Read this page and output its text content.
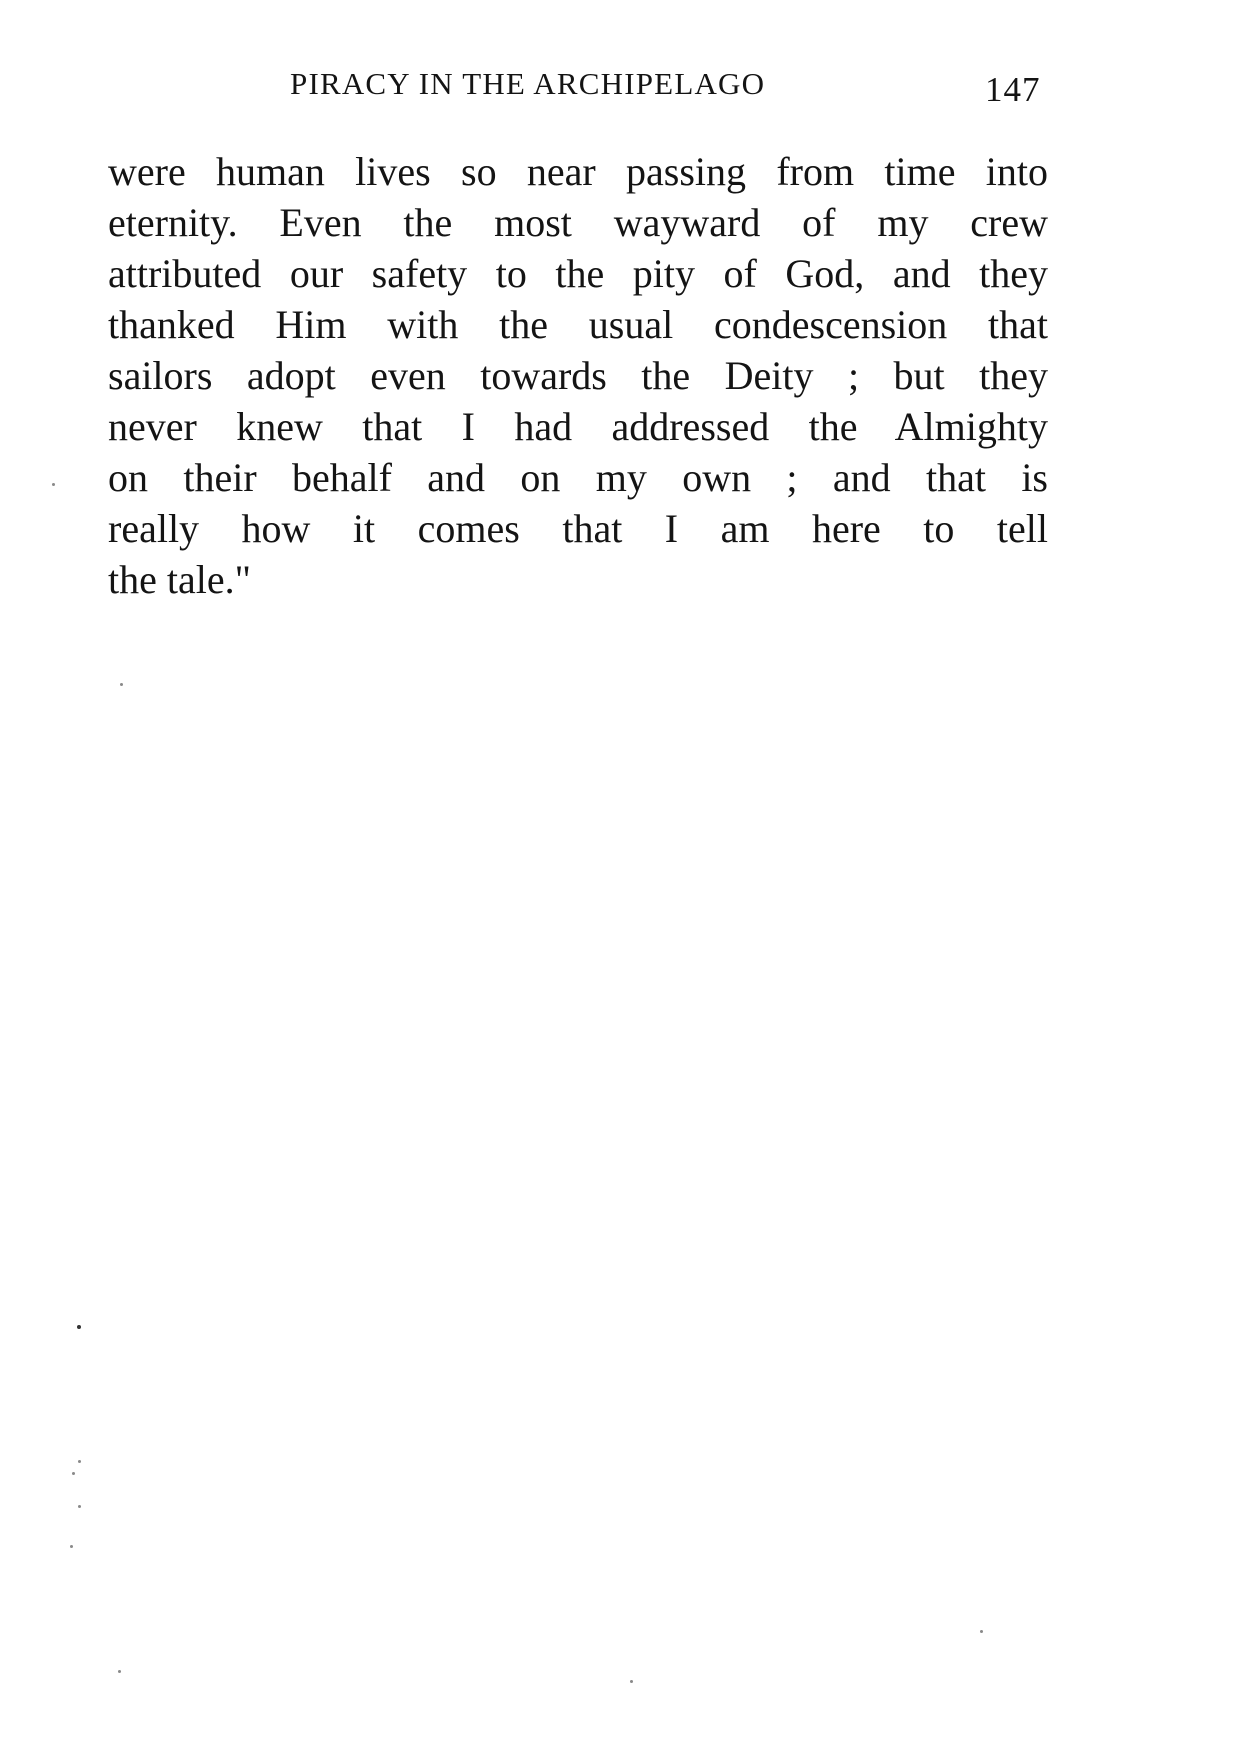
PIRACY IN THE ARCHIPELAGO	147
were human lives so near passing from time into
eternity. Even the most wayward of my crew
attributed our safety to the pity of God, and they
thanked Him with the usual condescension that
sailors adopt even towards the Deity ; but they
never knew that I had addressed the Almighty
on their behalf and on my own ; and that is
really how it comes that I am here to tell
the tale."
